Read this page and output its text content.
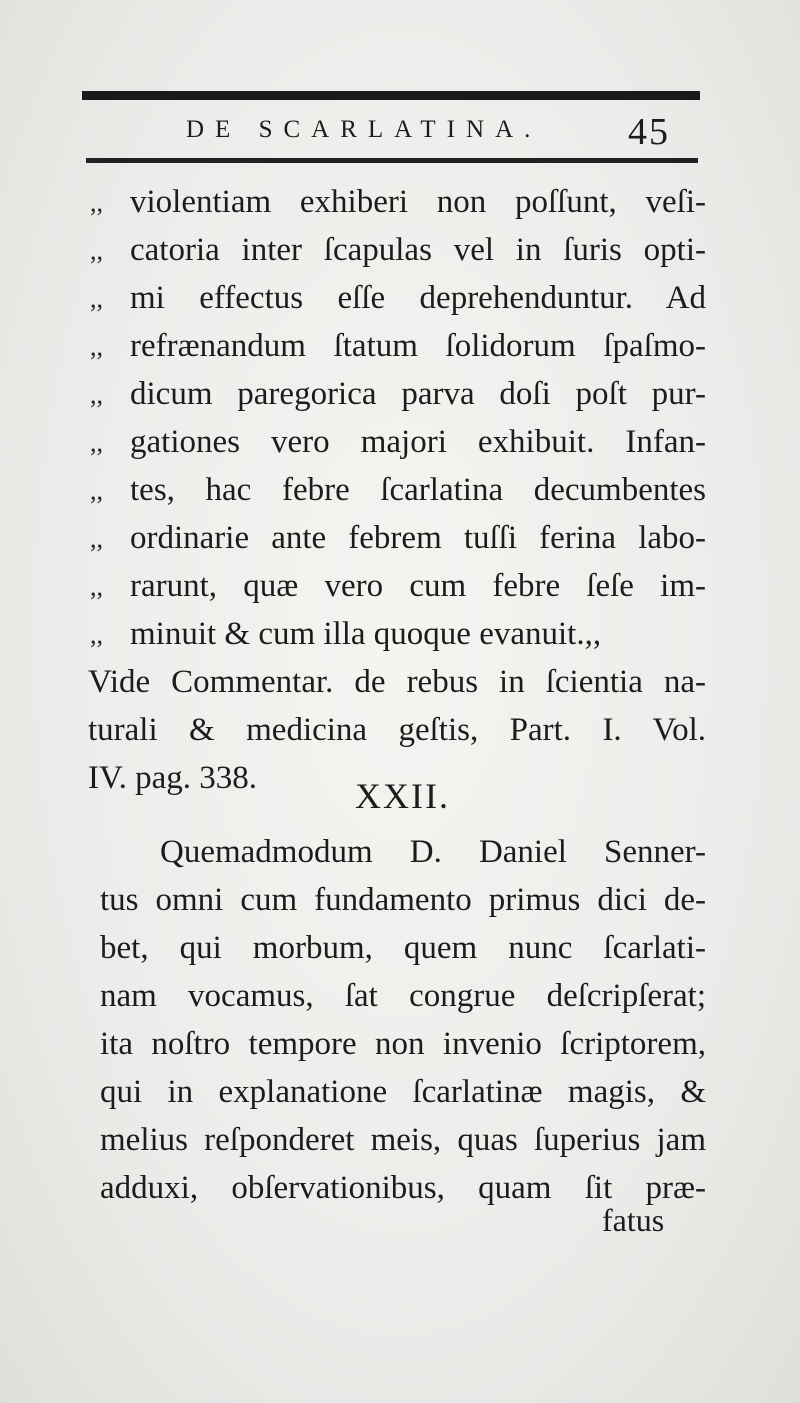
DE SCARLATINA. 45
,, violentiam exhiberi non poſſunt, veſi-
,, catoria inter ſcapulas vel in ſuris opti-
,, mi effectus eſſe deprehenduntur. Ad
,, refrænandum ſtatum ſolidorum ſpaſmo-
,, dicum paregorica parva doſi poſt pur-
,, gationes vero majori exhibuit. Infan-
,, tes, hac febre ſcarlatina decumbentes
,, ordinarie ante febrem tuſſi ferina labo-
,, rarunt, quæ vero cum febre ſeſe im-
,, minuit & cum illa quoque evanuit.,,
Vide Commentar. de rebus in ſcientia na-
turali & medicina geſtis, Part. I. Vol.
IV. pag. 338.	XXII.
Quemadmodum D. Daniel Senner-
tus omni cum fundamento primus dici de-
bet, qui morbum, quem nunc ſcarlati-
nam vocamus, ſat congrue deſcripſerat;
ita noſtro tempore non invenio ſcriptorem,
qui in explanatione ſcarlatinæ magis, &
melius reſponderet meis, quas ſuperius jam
adduxi, obſervationibus, quam ſit præ-
fatus
